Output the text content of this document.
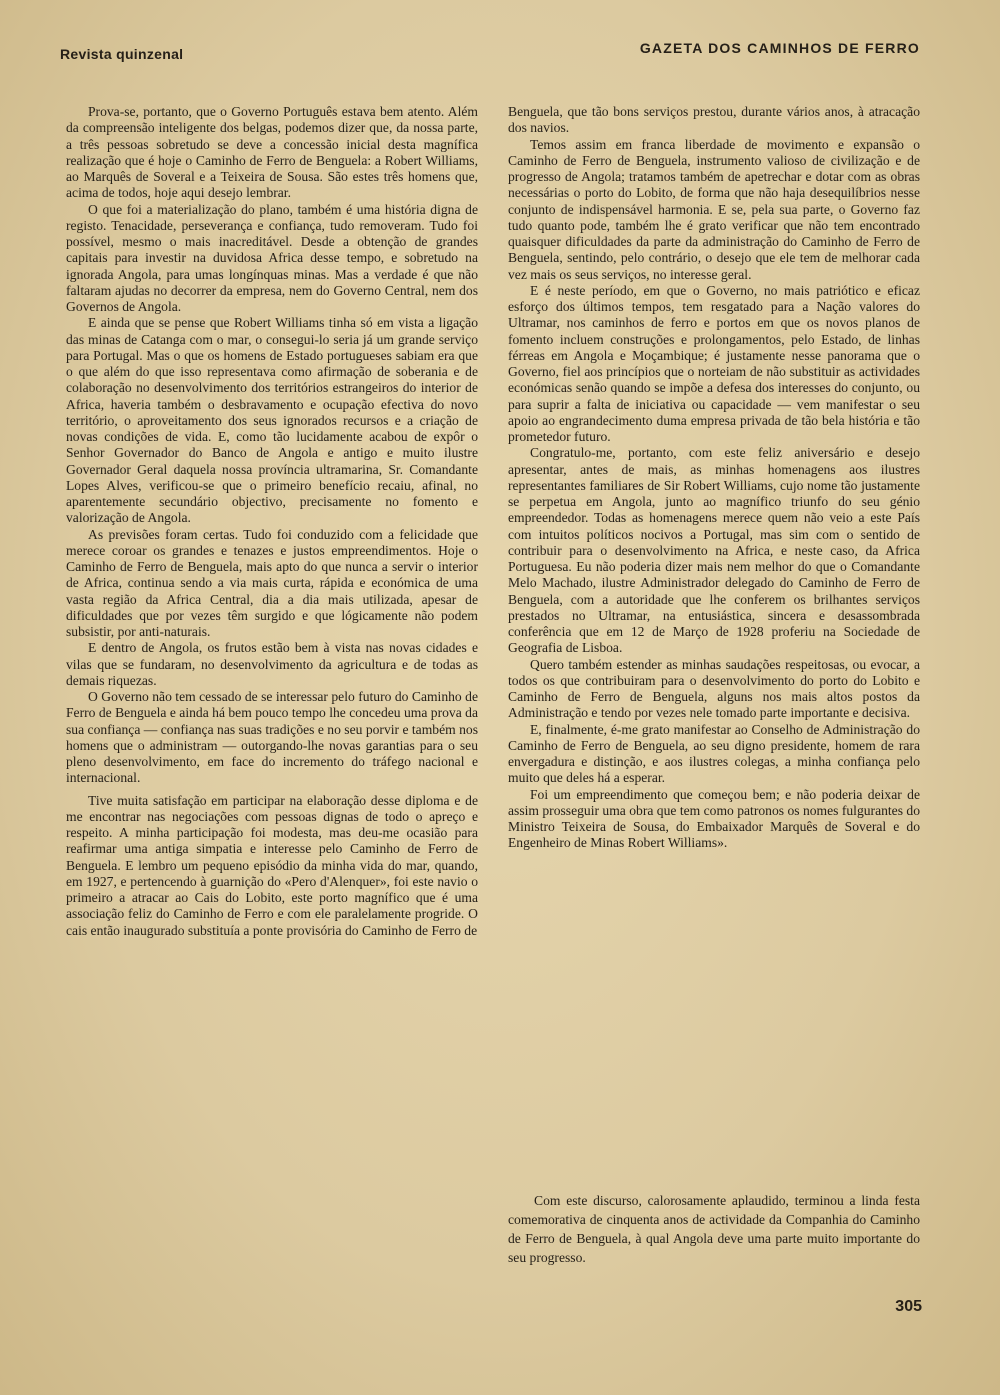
Revista quinzenal	GAZETA DOS CAMINHOS DE FERRO

Prova-se, portanto, que o Governo Português estava bem atento. Além da compreensão inteligente dos belgas, podemos dizer que, da nossa parte, a três pessoas sobretudo se deve a concessão inicial desta magnífica realização que é hoje o Caminho de Ferro de Benguela: a Robert Williams, ao Marquês de Soveral e a Teixeira de Sousa. São estes três homens que, acima de todos, hoje aqui desejo lembrar.

O que foi a materialização do plano, também é uma história digna de registo. Tenacidade, perseverança e confiança, tudo removeram. Tudo foi possível, mesmo o mais inacreditável. Desde a obtenção de grandes capitais para investir na duvidosa Africa desse tempo, e sobretudo na ignorada Angola, para umas longínquas minas. Mas a verdade é que não faltaram ajudas no decorrer da empresa, nem do Governo Central, nem dos Governos de Angola.

E ainda que se pense que Robert Williams tinha só em vista a ligação das minas de Catanga com o mar, o consegui-lo seria já um grande serviço para Portugal. Mas o que os homens de Estado portugueses sabiam era que o que além do que isso representava como afirmação de soberania e de colaboração no desenvolvimento dos territórios estrangeiros do interior de Africa, haveria também o desbravamento e ocupação efectiva do novo território, o aproveitamento dos seus ignorados recursos e a criação de novas condições de vida. E, como tão lucidamente acabou de expôr o Senhor Governador do Banco de Angola e antigo e muito ilustre Governador Geral daquela nossa província ultramarina, Sr. Comandante Lopes Alves, verificou-se que o primeiro benefício recaiu, afinal, no aparentemente secundário objectivo, precisamente no fomento e valorização de Angola.

As previsões foram certas. Tudo foi conduzido com a felicidade que merece coroar os grandes e tenazes e justos empreendimentos. Hoje o Caminho de Ferro de Benguela, mais apto do que nunca a servir o interior de Africa, continua sendo a via mais curta, rápida e económica de uma vasta região da Africa Central, dia a dia mais utilizada, apesar de dificuldades que por vezes têm surgido e que lógicamente não podem subsistir, por anti-naturais.

E dentro de Angola, os frutos estão bem à vista nas novas cidades e vilas que se fundaram, no desenvolvimento da agricultura e de todas as demais riquezas.

O Governo não tem cessado de se interessar pelo futuro do Caminho de Ferro de Benguela e ainda há bem pouco tempo lhe concedeu uma prova da sua confiança — confiança nas suas tradições e no seu porvir e também nos homens que o administram — outorgando-lhe novas garantias para o seu pleno desenvolvimento, em face do incremento do tráfego nacional e internacional.

Tive muita satisfação em participar na elaboração desse diploma e de me encontrar nas negociações com pessoas dignas de todo o apreço e respeito. A minha participação foi modesta, mas deu-me ocasião para reafirmar uma antiga simpatia e interesse pelo Caminho de Ferro de Benguela. E lembro um pequeno episódio da minha vida do mar, quando, em 1927, e pertencendo à guarnição do «Pero d'Alenquer», foi este navio o primeiro a atracar ao Cais do Lobito, este porto magnífico que é uma associação feliz do Caminho de Ferro e com ele paralelamente progride. O cais então inaugurado substituía a ponte provisória do Caminho de Ferro de

Benguela, que tão bons serviços prestou, durante vários anos, à atracação dos navios.

Temos assim em franca liberdade de movimento e expansão o Caminho de Ferro de Benguela, instrumento valioso de civilização e de progresso de Angola; tratamos também de apetrechar e dotar com as obras necessárias o porto do Lobito, de forma que não haja desequilíbrios nesse conjunto de indispensável harmonia. E se, pela sua parte, o Governo faz tudo quanto pode, também lhe é grato verificar que não tem encontrado quaisquer dificuldades da parte da administração do Caminho de Ferro de Benguela, sentindo, pelo contrário, o desejo que ele tem de melhorar cada vez mais os seus serviços, no interesse geral.

E é neste período, em que o Governo, no mais patriótico e eficaz esforço dos últimos tempos, tem resgatado para a Nação valores do Ultramar, nos caminhos de ferro e portos em que os novos planos de fomento incluem construções e prolongamentos, pelo Estado, de linhas férreas em Angola e Moçambique; é justamente nesse panorama que o Governo, fiel aos princípios que o norteiam de não substituir as actividades económicas senão quando se impõe a defesa dos interesses do conjunto, ou para suprir a falta de iniciativa ou capacidade — vem manifestar o seu apoio ao engrandecimento duma empresa privada de tão bela história e tão prometedor futuro.

Congratulo-me, portanto, com este feliz aniversário e desejo apresentar, antes de mais, as minhas homenagens aos ilustres representantes familiares de Sir Robert Williams, cujo nome tão justamente se perpetua em Angola, junto ao magnífico triunfo do seu génio empreendedor. Todas as homenagens merece quem não veio a este País com intuitos políticos nocivos a Portugal, mas sim com o sentido de contribuir para o desenvolvimento na Africa, e neste caso, da Africa Portuguesa. Eu não poderia dizer mais nem melhor do que o Comandante Melo Machado, ilustre Administrador delegado do Caminho de Ferro de Benguela, com a autoridade que lhe conferem os brilhantes serviços prestados no Ultramar, na entusiástica, sincera e desassombrada conferência que em 12 de Março de 1928 proferiu na Sociedade de Geografia de Lisboa.

Quero também estender as minhas saudações respeitosas, ou evocar, a todos os que contribuiram para o desenvolvimento do porto do Lobito e Caminho de Ferro de Benguela, alguns nos mais altos postos da Administração e tendo por vezes nele tomado parte importante e decisiva.

E, finalmente, é-me grato manifestar ao Conselho de Administração do Caminho de Ferro de Benguela, ao seu digno presidente, homem de rara envergadura e distinção, e aos ilustres colegas, a minha confiança pelo muito que deles há a esperar.

Foi um empreendimento que começou bem; e não poderia deixar de assim prosseguir uma obra que tem como patronos os nomes fulgurantes do Ministro Teixeira de Sousa, do Embaixador Marquês de Soveral e do Engenheiro de Minas Robert Williams».

Com este discurso, calorosamente aplaudido, terminou a linda festa comemorativa de cinquenta anos de actividade da Companhia do Caminho de Ferro de Benguela, à qual Angola deve uma parte muito importante do seu progresso.

305
